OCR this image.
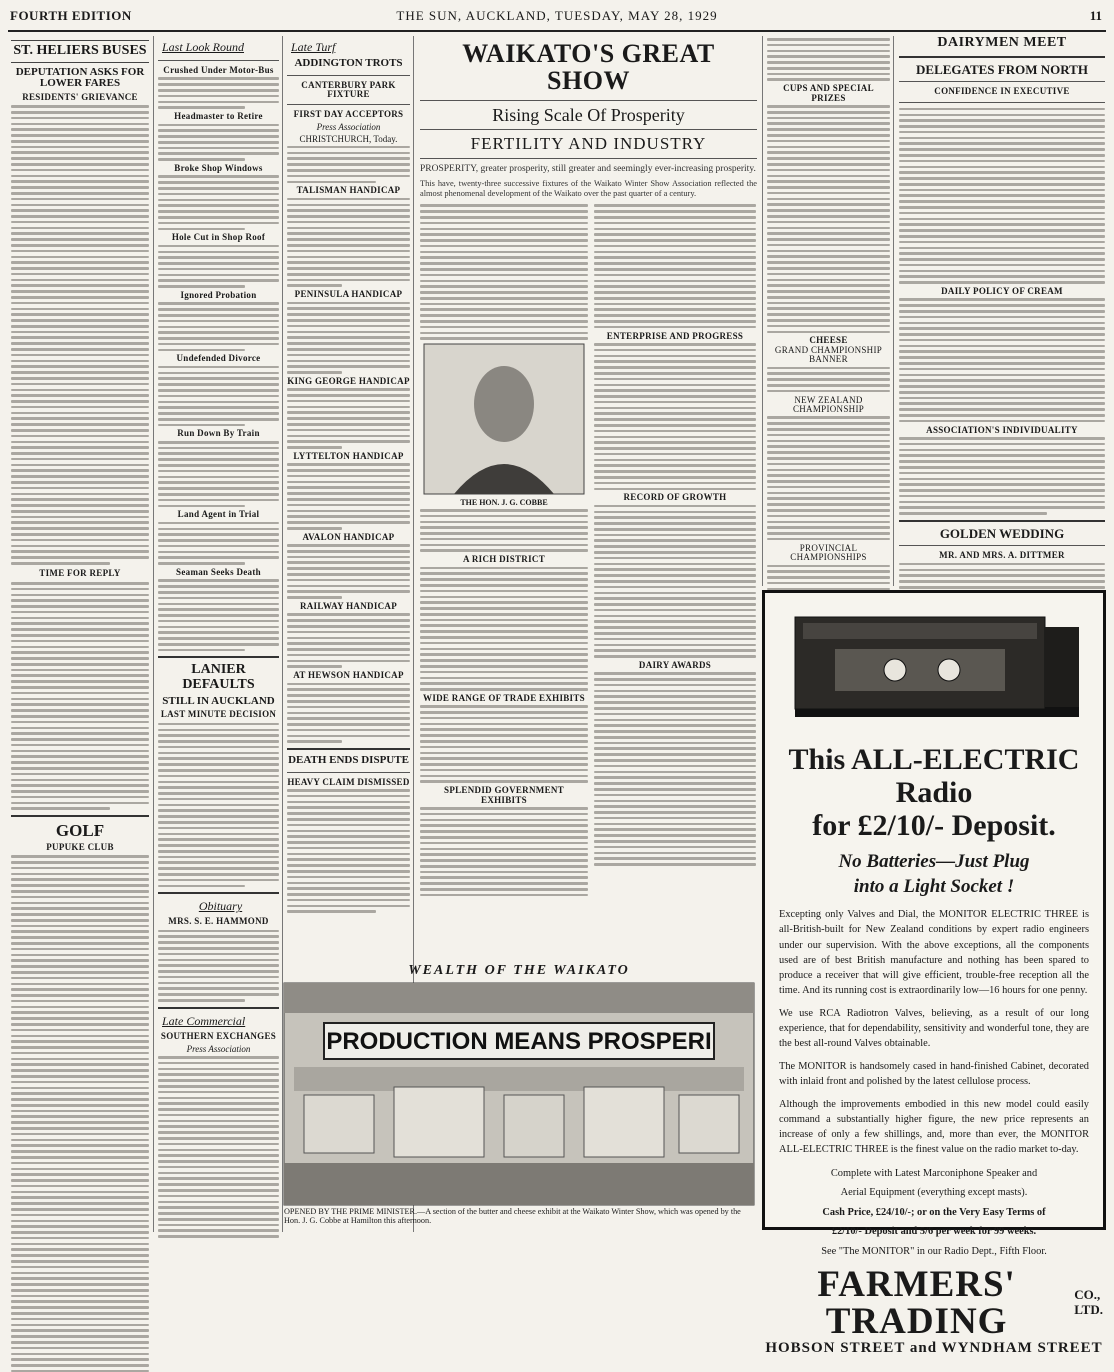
FOURTH EDITION	THE SUN, AUCKLAND, TUESDAY, MAY 28, 1929	11
ST. HELIERS BUSES
DEPUTATION ASKS FOR LOWER FARES
RESIDENTS' GRIEVANCE
TIME FOR REPLY
GOLF
PUPUKE CLUB
Last Look Round
Crushed Under Motor-Bus
Headmaster to Retire
Broke Shop Windows
Hole Cut in Shop Roof
Ignored Probation
Undefended Divorce
Run Down By Train
Land Agent in Trial
Seaman Seeks Death
LANIER DEFAULTS
STILL IN AUCKLAND
LAST MINUTE DECISION
Obituary
MRS. S. E. HAMMOND
Late Commercial
SOUTHERN EXCHANGES
Press Association
Late Turf
ADDINGTON TROTS
CANTERBURY PARK FIXTURE
FIRST DAY ACCEPTORS
Press Association
CHRISTCHURCH, Today.
TALISMAN HANDICAP
PENINSULA HANDICAP
KING GEORGE HANDICAP
LYTTELTON HANDICAP
AVALON HANDICAP
RAILWAY HANDICAP
AT HEWSON HANDICAP
DEATH ENDS DISPUTE
HEAVY CLAIM DISMISSED
WEALTH OF THE WAIKATO
PRODUCTION MEANS PROSPERI
OPENED BY THE PRIME MINISTER.—A section of the butter and cheese exhibit at the Waikato Winter Show, which was opened by the Hon. J. G. Cobbe at Hamilton this afternoon.
WAIKATO'S GREAT SHOW
Rising Scale Of Prosperity
FERTILITY AND INDUSTRY
PROSPERITY, greater prosperity, still greater and seemingly ever-increasing prosperity.
This have, twenty-three successive fixtures of the Waikato Winter Show Association reflected the almost phenomenal development of the Waikato over the past quarter of a century.
THE HON. J. G. COBBE
A RICH DISTRICT
WIDE RANGE OF TRADE EXHIBITS
SPLENDID GOVERNMENT EXHIBITS
ENTERPRISE AND PROGRESS
RECORD OF GROWTH
DAIRY AWARDS
CUPS AND SPECIAL PRIZES
CHEESE
GRAND CHAMPIONSHIP BANNER
NEW ZEALAND CHAMPIONSHIP
PROVINCIAL CHAMPIONSHIPS
DAIRYMEN MEET
DELEGATES FROM NORTH
CONFIDENCE IN EXECUTIVE
DAILY POLICY OF CREAM
ASSOCIATION'S INDIVIDUALITY
GOLDEN WEDDING
MR. AND MRS. A. DITTMER
This ALL-ELECTRIC Radio
for £2/10/- Deposit.
No Batteries—Just Plug
into a Light Socket !
Excepting only Valves and Dial, the MONITOR ELECTRIC THREE is all-British-built for New Zealand conditions by expert radio engineers under our supervision. With the above exceptions, all the components used are of best British manufacture and nothing has been spared to produce a receiver that will give efficient, trouble-free reception all the time. And its running cost is extraordinarily low—16 hours for one penny.
We use RCA Radiotron Valves, believing, as a result of our long experience, that for dependability, sensitivity and wonderful tone, they are the best all-round Valves obtainable.
The MONITOR is handsomely cased in hand-finished Cabinet, decorated with inlaid front and polished by the latest cellulose process.
Although the improvements embodied in this new model could easily command a substantially higher figure, the new price represents an increase of only a few shillings, and, more than ever, the MONITOR ALL-ELECTRIC THREE is the finest value on the radio market to-day.
Complete with Latest Marconiphone Speaker and
Aerial Equipment (everything except masts).
Cash Price, £24/10/-; or on the Very Easy Terms of
£2/10/- Deposit and 5/6 per week for 99 weeks.
See "The MONITOR" in our Radio Dept., Fifth Floor.
FARMERS' TRADING
CO.,
LTD.
HOBSON STREET and WYNDHAM STREET
